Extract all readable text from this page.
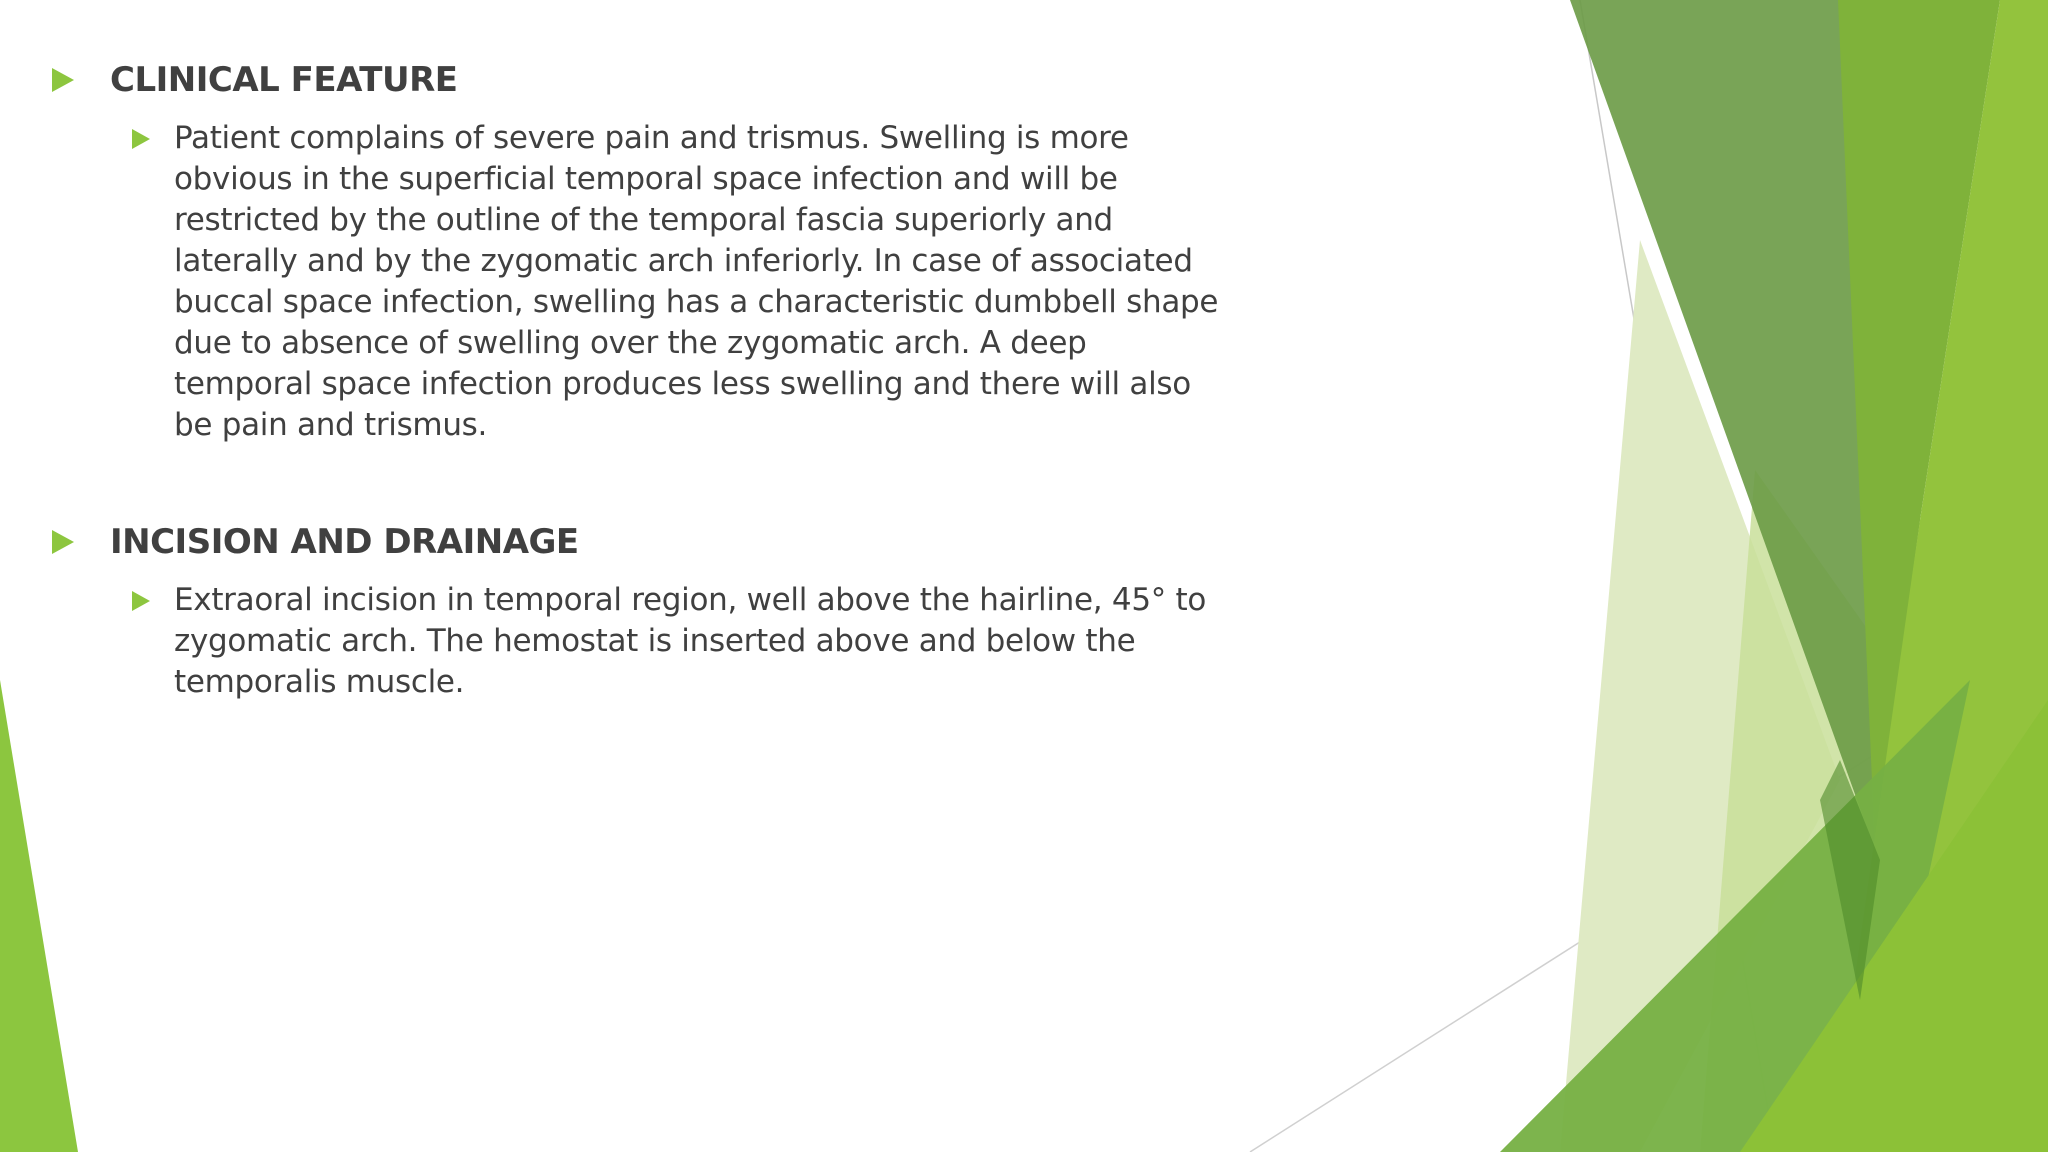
CLINICAL FEATURE
Patient complains of severe pain and trismus. Swelling is more obvious in the superficial temporal space infection and will be restricted by the outline of the temporal fascia superiorly and laterally and by the zygomatic arch inferiorly. In case of associated buccal space infection, swelling has a characteristic dumbbell shape due to absence of swelling over the zygomatic arch. A deep temporal space infection produces less swelling and there will also be pain and trismus.
INCISION AND DRAINAGE
Extraoral incision in temporal region, well above the hairline, 45° to zygomatic arch. The hemostat is inserted above and below the temporalis muscle.
